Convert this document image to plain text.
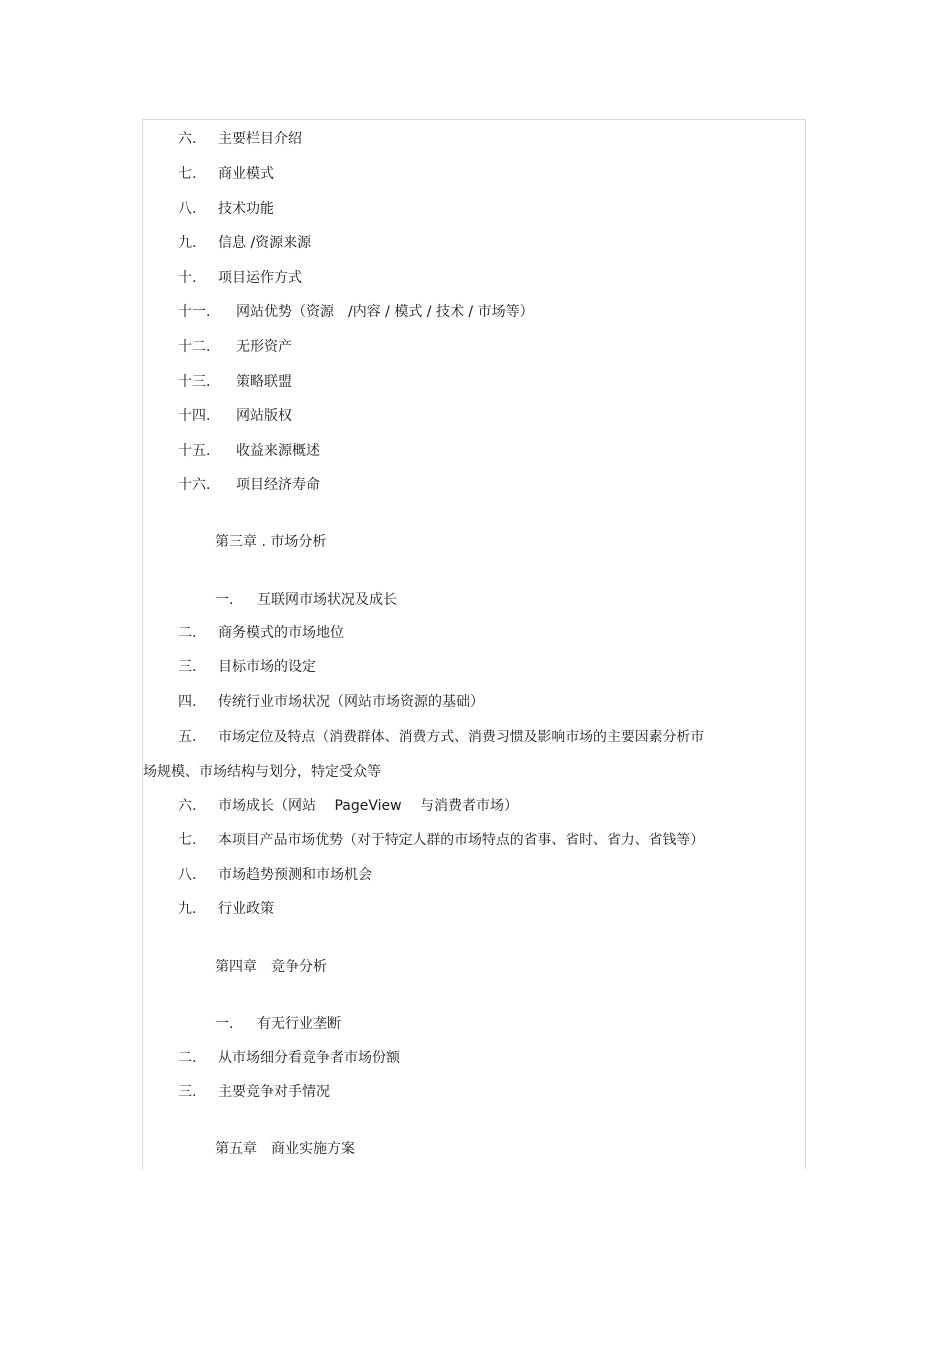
六. 主要栏目介绍
七. 商业模式
八. 技术功能
九. 信息 /资源来源
十. 项目运作方式
十一. 网站优势（资源　/内容 / 模式 / 技术 / 市场等）
十二. 无形资产
十三. 策略联盟
十四. 网站版权
十五. 收益来源概述
十六. 项目经济寿命
第三章 . 市场分析
一. 互联网市场状况及成长
二. 商务模式的市场地位
三. 目标市场的设定
四. 传统行业市场状况（网站市场资源的基础）
五. 市场定位及特点（消费群体、消费方式、消费习惯及影响市场的主要因素分析市
场规模、市场结构与划分，特定受众等
六. 市场成长（网站　 PageView 　与消费者市场）
七. 本项目产品市场优势（对于特定人群的市场特点的省事、省时、省力、省钱等）
八. 市场趋势预测和市场机会
九. 行业政策
第四章　竞争分析
一. 有无行业垄断
二. 从市场细分看竞争者市场份额
三. 主要竞争对手情况
第五章　商业实施方案
